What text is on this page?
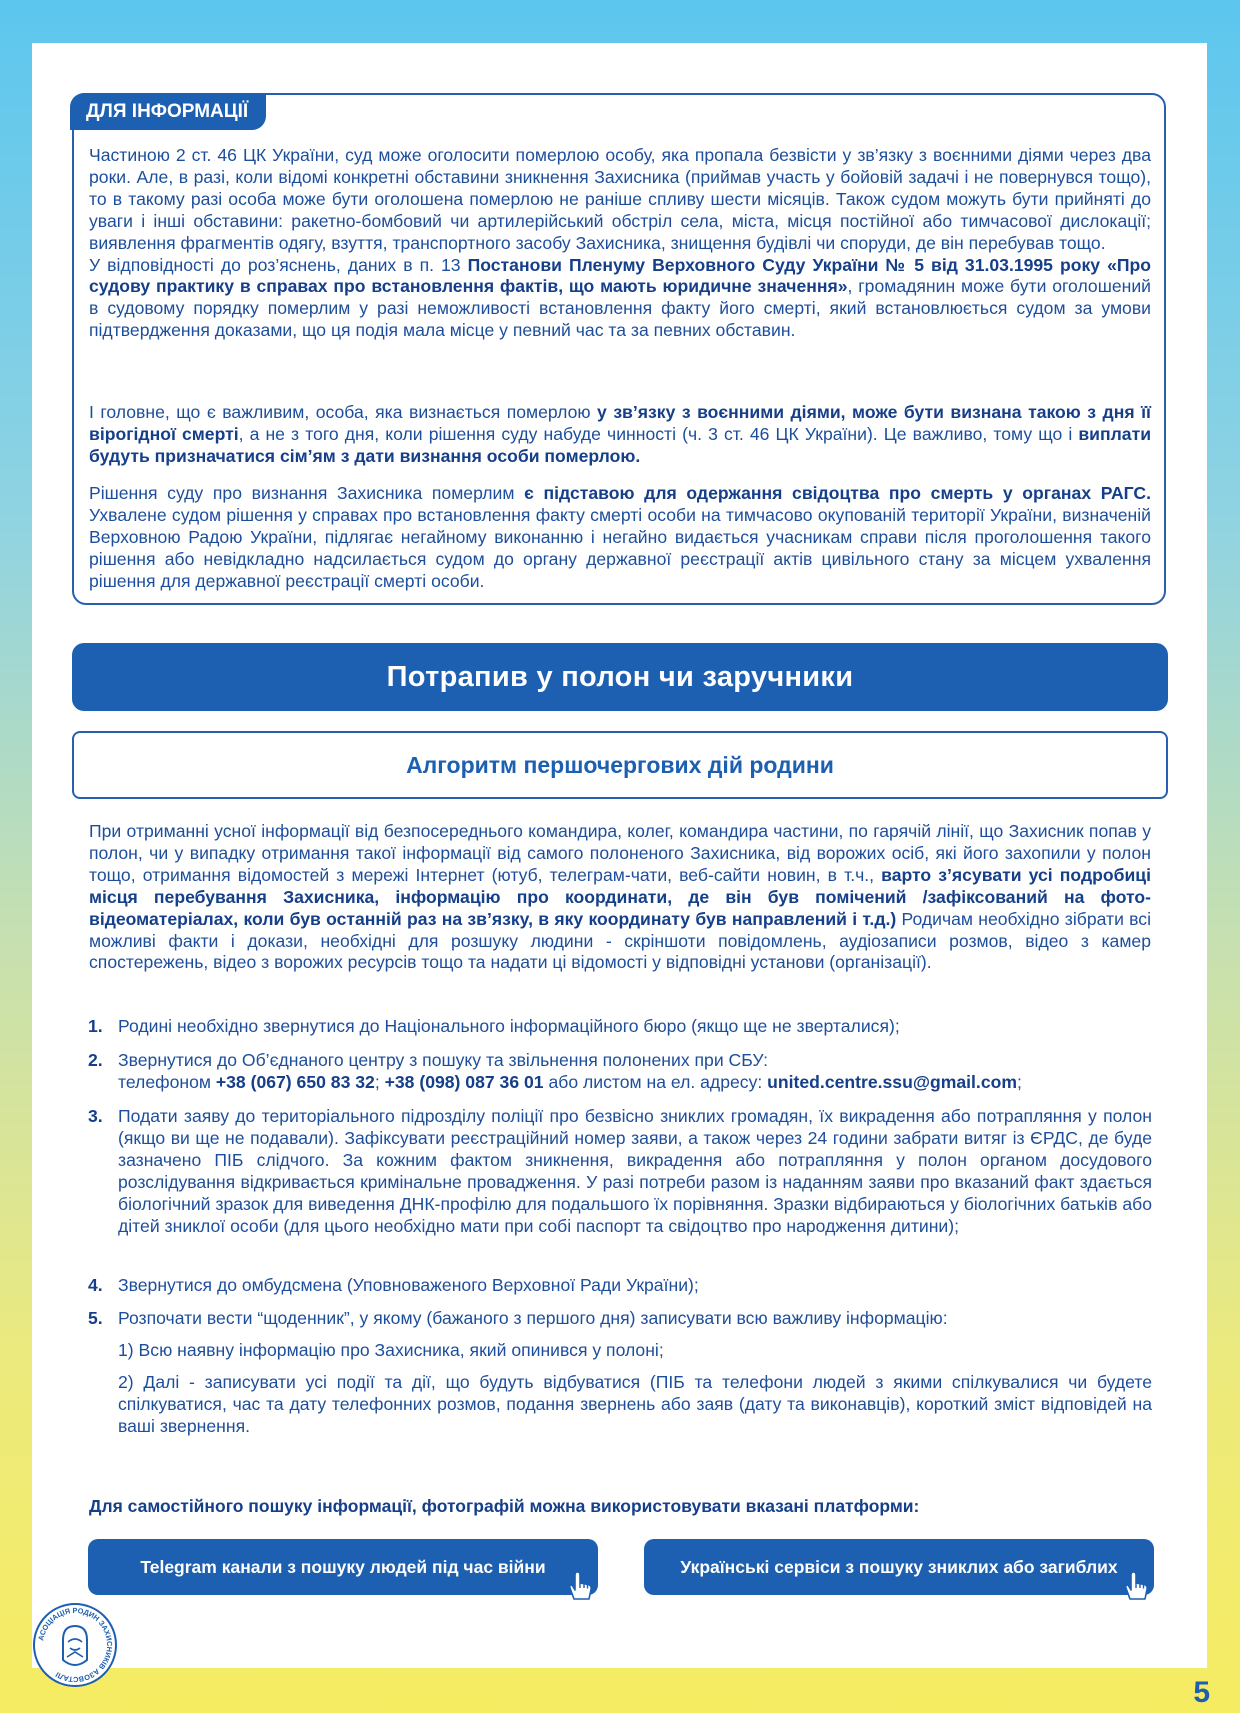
ДЛЯ ІНФОРМАЦІЇ
Частиною 2 ст. 46 ЦК України, суд може оголосити померлою особу, яка пропала безвісти у зв’язку з воєнними діями через два роки. Але, в разі, коли відомі конкретні обставини зникнення Захисника (приймав участь у бойовій задачі і не повернувся тощо), то в такому разі особа може бути оголошена померлою не раніше спливу шести місяців. Також судом можуть бути прийняті до уваги і інші обставини: ракетно-бомбовий чи артилерійський обстріл села, міста, місця постійної або тимчасової дислокації; виявлення фрагментів одягу, взуття, транспортного засобу Захисника, знищення будівлі чи споруди, де він перебував тощо.
У відповідності до роз’яснень, даних в п. 13 Постанови Пленуму Верховного Суду України № 5 від 31.03.1995 року «Про судову практику в справах про встановлення фактів, що мають юридичне значення», громадянин може бути оголошений в судовому порядку померлим у разі неможливості встановлення факту його смерті, який встановлюється судом за умови підтвердження доказами, що ця подія мала місце у певний час та за певних обставин.
І головне, що є важливим, особа, яка визнається померлою у зв’язку з воєнними діями, може бути визнана такою з дня її вірогідної смерті, а не з того дня, коли рішення суду набуде чинності (ч. 3 ст. 46 ЦК України). Це важливо, тому що і виплати будуть призначатися сім’ям з дати визнання особи померлою.
Рішення суду про визнання Захисника померлим є підставою для одержання свідоцтва про смерть у органах РАГС. Ухвалене судом рішення у справах про встановлення факту смерті особи на тимчасово окупованій території України, визначеній Верховною Радою України, підлягає негайному виконанню і негайно видається учасникам справи після проголошення такого рішення або невідкладно надсилається судом до органу державної реєстрації актів цивільного стану за місцем ухвалення рішення для державної реєстрації смерті особи.
Потрапив у полон чи заручники
Алгоритм першочергових дій родини
При отриманні усної інформації від безпосереднього командира, колег, командира частини, по гарячій лінії, що Захисник попав у полон, чи у випадку отримання такої інформації від самого полоненого Захисника, від ворожих осіб, які його захопили у полон тощо, отримання відомостей з мережі Інтернет (ютуб, телеграм-чати, веб-сайти новин, в т.ч., варто з’ясувати усі подробиці місця перебування Захисника, інформацію про координати, де він був помічений /зафіксований на фото- відеоматеріалах, коли був останній раз на зв’язку, в яку координату був направлений і т.д.) Родичам необхідно зібрати всі можливі факти і докази, необхідні для розшуку людини - скріншоти повідомлень, аудіозаписи розмов, відео з камер спостережень, відео з ворожих ресурсів тощо та надати ці відомості у відповідні установи (організації).
1. Родині необхідно звернутися до Національного інформаційного бюро (якщо ще не зверталися);
2. Звернутися до Об’єднаного центру з пошуку та звільнення полонених при СБУ:
телефоном +38 (067) 650 83 32; +38 (098) 087 36 01 або листом на ел. адресу: united.centre.ssu@gmail.com;
3. Подати заяву до територіального підрозділу поліції про безвісно зниклих громадян, їх викрадення або потрапляння у полон (якщо ви ще не подавали). Зафіксувати реєстраційний номер заяви, а також через 24 години забрати витяг із ЄРДС, де буде зазначено ПІБ слідчого. За кожним фактом зникнення, викрадення або потрапляння у полон органом досудового розслідування відкривається кримінальне провадження. У разі потреби разом із наданням заяви про вказаний факт здається біологічний зразок для виведення ДНК-профілю для подальшого їх порівняння. Зразки відбираються у біологічних батьків або дітей зниклої особи (для цього необхідно мати при собі паспорт та свідоцтво про народження дитини);
4. Звернутися до омбудсмена (Уповноваженого Верховної Ради України);
5. Розпочати вести “щоденник”, у якому (бажаного з першого дня) записувати всю важливу інформацію:
1) Всю наявну інформацію про Захисника, який опинився у полоні;
2) Далі - записувати усі події та дії, що будуть відбуватися (ПІБ та телефони людей з якими спілкувалися чи будете спілкуватися, час та дату телефонних розмов, подання звернень або заяв (дату та виконавців), короткий зміст відповідей на ваші звернення.
Для самостійного пошуку інформації, фотографій можна використовувати вказані платформи:
Telegram канали з пошуку людей під час війни	Українські сервіси з пошуку зниклих або загиблих
АСОЦІАЦІЯ РОДИН ЗАХИСНИКІВ АЗОВСТАЛІ
5
